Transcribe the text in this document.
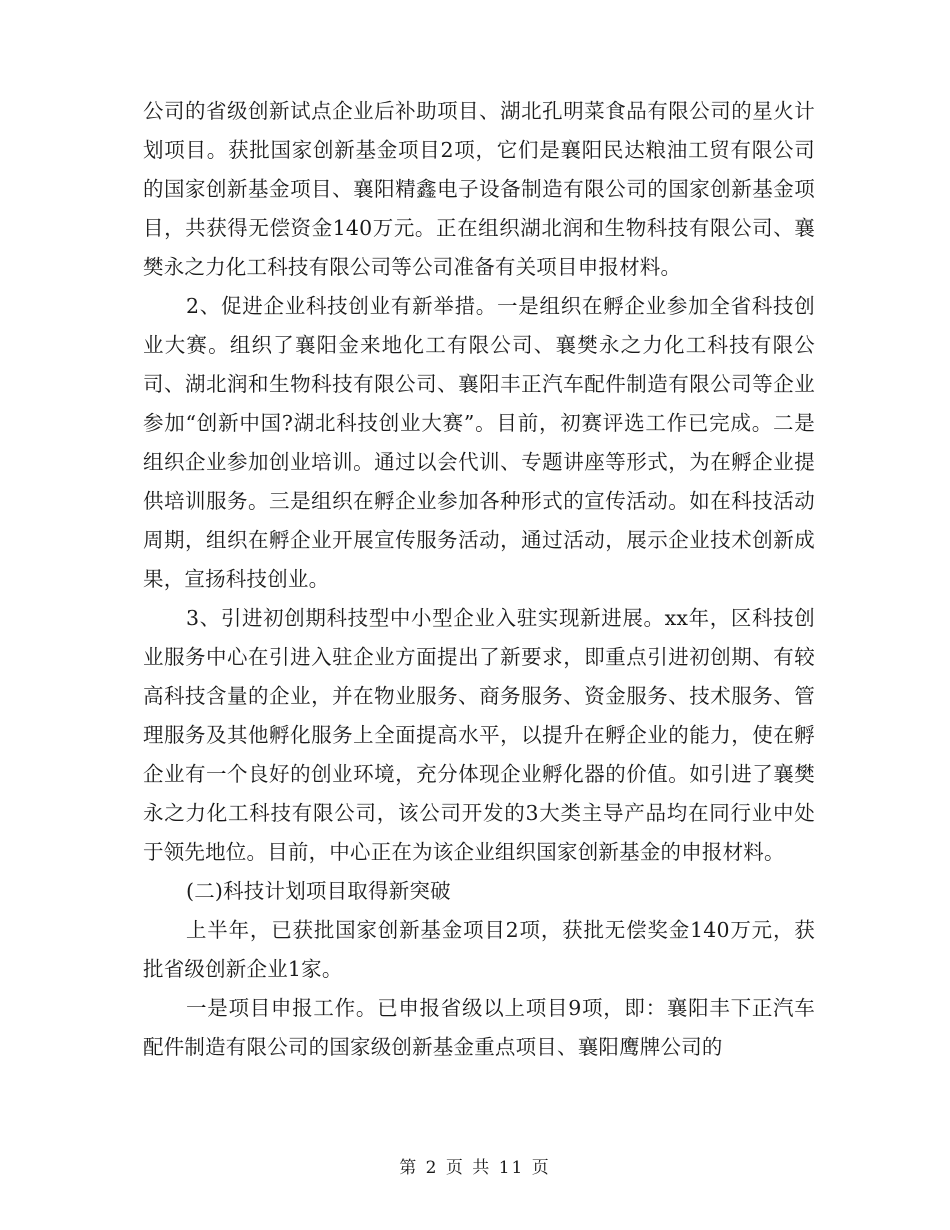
公司的省级创新试点企业后补助项目、湖北孔明菜食品有限公司的星火计划项目。获批国家创新基金项目2项，它们是襄阳民达粮油工贸有限公司的国家创新基金项目、襄阳精鑫电子设备制造有限公司的国家创新基金项目，共获得无偿资金140万元。正在组织湖北润和生物科技有限公司、襄樊永之力化工科技有限公司等公司准备有关项目申报材料。

2、促进企业科技创业有新举措。一是组织在孵企业参加全省科技创业大赛。组织了襄阳金来地化工有限公司、襄樊永之力化工科技有限公司、湖北润和生物科技有限公司、襄阳丰正汽车配件制造有限公司等企业参加“创新中国?湖北科技创业大赛”。目前，初赛评选工作已完成。二是组织企业参加创业培训。通过以会代训、专题讲座等形式，为在孵企业提供培训服务。三是组织在孵企业参加各种形式的宣传活动。如在科技活动周期，组织在孵企业开展宣传服务活动，通过活动，展示企业技术创新成果，宣扬科技创业。

3、引进初创期科技型中小型企业入驻实现新进展。xx年，区科技创业服务中心在引进入驻企业方面提出了新要求，即重点引进初创期、有较高科技含量的企业，并在物业服务、商务服务、资金服务、技术服务、管理服务及其他孵化服务上全面提高水平，以提升在孵企业的能力，使在孵企业有一个良好的创业环境，充分体现企业孵化器的价值。如引进了襄樊永之力化工科技有限公司，该公司开发的3大类主导产品均在同行业中处于领先地位。目前，中心正在为该企业组织国家创新基金的申报材料。

(二)科技计划项目取得新突破

上半年，已获批国家创新基金项目2项，获批无偿奖金140万元，获批省级创新企业1家。

一是项目申报工作。已申报省级以上项目9项，即：襄阳丰下正汽车配件制造有限公司的国家级创新基金重点项目、襄阳鹰牌公司的

第 2 页 共 11 页
